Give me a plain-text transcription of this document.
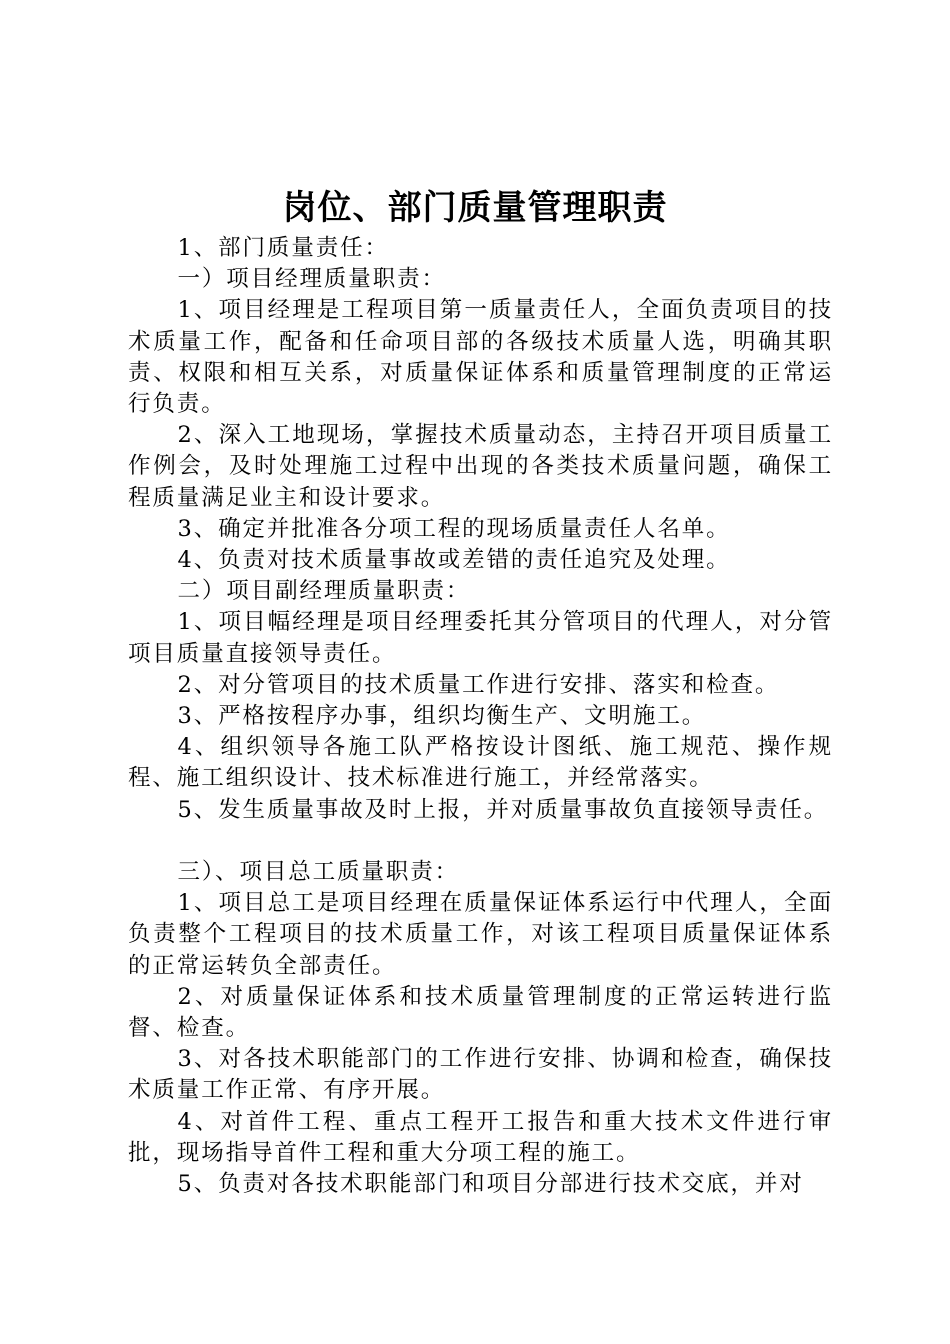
岗位、部门质量管理职责

1、部门质量责任：

一）项目经理质量职责：

1、项目经理是工程项目第一质量责任人，全面负责项目的技术质量工作，配备和任命项目部的各级技术质量人选，明确其职责、权限和相互关系，对质量保证体系和质量管理制度的正常运行负责。

2、深入工地现场，掌握技术质量动态，主持召开项目质量工作例会，及时处理施工过程中出现的各类技术质量问题，确保工程质量满足业主和设计要求。

3、确定并批准各分项工程的现场质量责任人名单。

4、负责对技术质量事故或差错的责任追究及处理。

二）项目副经理质量职责：

1、项目幅经理是项目经理委托其分管项目的代理人，对分管项目质量直接领导责任。

2、对分管项目的技术质量工作进行安排、落实和检查。

3、严格按程序办事，组织均衡生产、文明施工。

4、组织领导各施工队严格按设计图纸、施工规范、操作规程、施工组织设计、技术标准进行施工，并经常落实。

5、发生质量事故及时上报，并对质量事故负直接领导责任。

三）、项目总工质量职责：

1、项目总工是项目经理在质量保证体系运行中代理人，全面负责整个工程项目的技术质量工作，对该工程项目质量保证体系的正常运转负全部责任。

2、对质量保证体系和技术质量管理制度的正常运转进行监督、检查。

3、对各技术职能部门的工作进行安排、协调和检查，确保技术质量工作正常、有序开展。

4、对首件工程、重点工程开工报告和重大技术文件进行审批，现场指导首件工程和重大分项工程的施工。

5、负责对各技术职能部门和项目分部进行技术交底，并对
